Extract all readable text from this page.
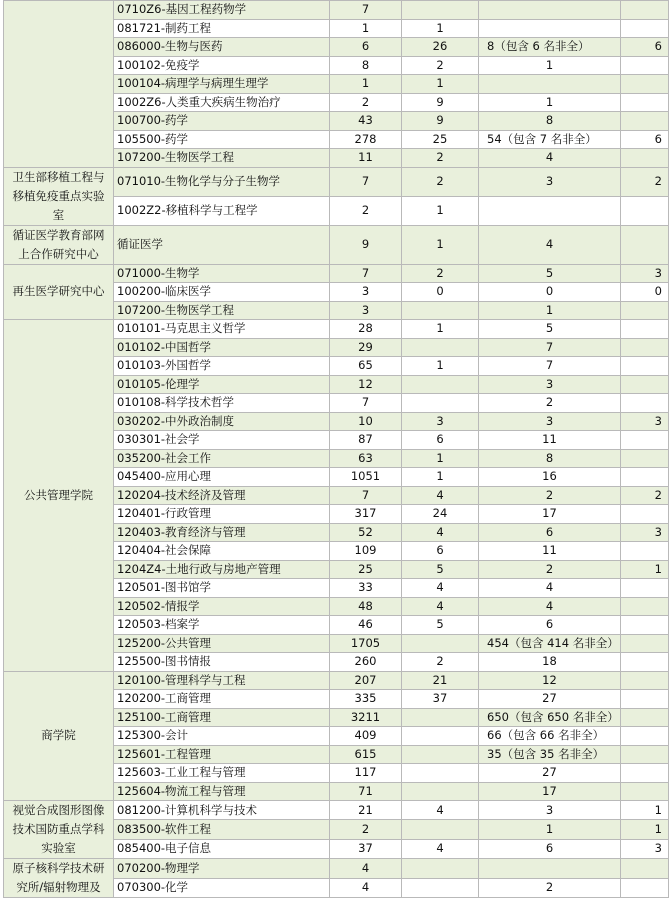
	0710Z6-基因工程药物学	7			
	081721-制药工程	1	1		
	086000-生物与医药	6	26	8（包含 6 名非全）	6
	100102-免疫学	8	2	1	
	100104-病理学与病理生理学	1	1		
	1002Z6-人类重大疾病生物治疗	2	9	1	
	100700-药学	43	9	8	
	105500-药学	278	25	54（包含 7 名非全）	6
	107200-生物医学工程	11	2	4	
卫生部移植工程与移植免疫重点实验室	071010-生物化学与分子生物学	7	2	3	2
	1002Z2-移植科学与工程学	2	1		
循证医学教育部网上合作研究中心	循证医学	9	1	4	
再生医学研究中心	071000-生物学	7	2	5	3
	100200-临床医学	3	0	0	0
	107200-生物医学工程	3		1	
公共管理学院	010101-马克思主义哲学	28	1	5	
	010102-中国哲学	29		7	
	010103-外国哲学	65	1	7	
	010105-伦理学	12		3	
	010108-科学技术哲学	7		2	
	030202-中外政治制度	10	3	3	3
	030301-社会学	87	6	11	
	035200-社会工作	63	1	8	
	045400-应用心理	1051	1	16	
	120204-技术经济及管理	7	4	2	2
	120401-行政管理	317	24	17	
	120403-教育经济与管理	52	4	6	3
	120404-社会保障	109	6	11	
	1204Z4-土地行政与房地产管理	25	5	2	1
	120501-图书馆学	33	4	4	
	120502-情报学	48	4	4	
	120503-档案学	46	5	6	
	125200-公共管理	1705		454（包含 414 名非全）	
	125500-图书情报	260	2	18	
商学院	120100-管理科学与工程	207	21	12	
	120200-工商管理	335	37	27	
	125100-工商管理	3211		650（包含 650 名非全）	
	125300-会计	409		66（包含 66 名非全）	
	125601-工程管理	615		35（包含 35 名非全）	
	125603-工业工程与管理	117		27	
	125604-物流工程与管理	71		17	
视觉合成图形图像技术国防重点学科实验室	081200-计算机科学与技术	21	4	3	1
	083500-软件工程	2		1	1
	085400-电子信息	37	4	6	3
原子核科学技术研究所/辐射物理及	070200-物理学	4			
	070300-化学	4		2	
